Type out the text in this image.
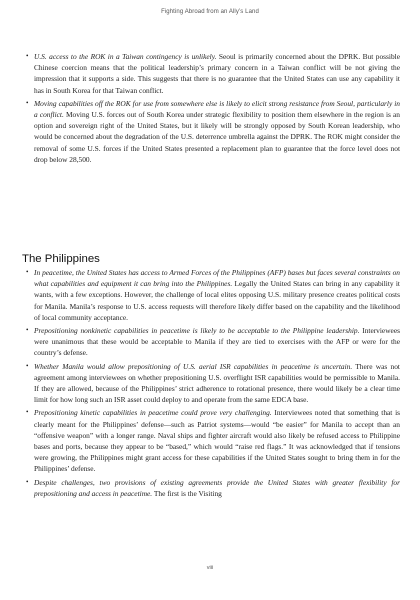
Fighting Abroad from an Ally’s Land
• U.S. access to the ROK in a Taiwan contingency is unlikely. Seoul is primarily concerned about the DPRK. But possible Chinese coercion means that the political leadership’s primary concern in a Taiwan conflict will be not giving the impression that it supports a side. This suggests that there is no guarantee that the United States can use any capability it has in South Korea for that Taiwan conflict.
• Moving capabilities off the ROK for use from somewhere else is likely to elicit strong resistance from Seoul, particularly in a conflict. Moving U.S. forces out of South Korea under strategic flexibility to position them elsewhere in the region is an option and sovereign right of the United States, but it likely will be strongly opposed by South Korean leadership, who would be concerned about the degradation of the U.S. deterrence umbrella against the DPRK. The ROK might consider the removal of some U.S. forces if the United States presented a replacement plan to guarantee that the force level does not drop below 28,500.
The Philippines
• In peacetime, the United States has access to Armed Forces of the Philippines (AFP) bases but faces several constraints on what capabilities and equipment it can bring into the Philippines. Legally the United States can bring in any capability it wants, with a few exceptions. However, the challenge of local elites opposing U.S. military presence creates political costs for Manila. Manila’s response to U.S. access requests will therefore likely differ based on the capability and the likelihood of local community acceptance.
• Prepositioning nonkinetic capabilities in peacetime is likely to be acceptable to the Philippine leadership. Interviewees were unanimous that these would be acceptable to Manila if they are tied to exercises with the AFP or were for the country’s defense.
• Whether Manila would allow prepositioning of U.S. aerial ISR capabilities in peacetime is uncertain. There was not agreement among interviewees on whether prepositioning U.S. overflight ISR capabilities would be permissible to Manila. If they are allowed, because of the Philippines’ strict adherence to rotational presence, there would likely be a clear time limit for how long such an ISR asset could deploy to and operate from the same EDCA base.
• Prepositioning kinetic capabilities in peacetime could prove very challenging. Interviewees noted that something that is clearly meant for the Philippines’ defense—such as Patriot systems—would “be easier” for Manila to accept than an “offensive weapon” with a longer range. Naval ships and fighter aircraft would also likely be refused access to Philippine bases and ports, because they appear to be “based,” which would “raise red flags.” It was acknowledged that if tensions were growing, the Philippines might grant access for these capabilities if the United States sought to bring them in for the Philippines’ defense.
• Despite challenges, two provisions of existing agreements provide the United States with greater flexibility for prepositioning and access in peacetime. The first is the Visiting
viii
